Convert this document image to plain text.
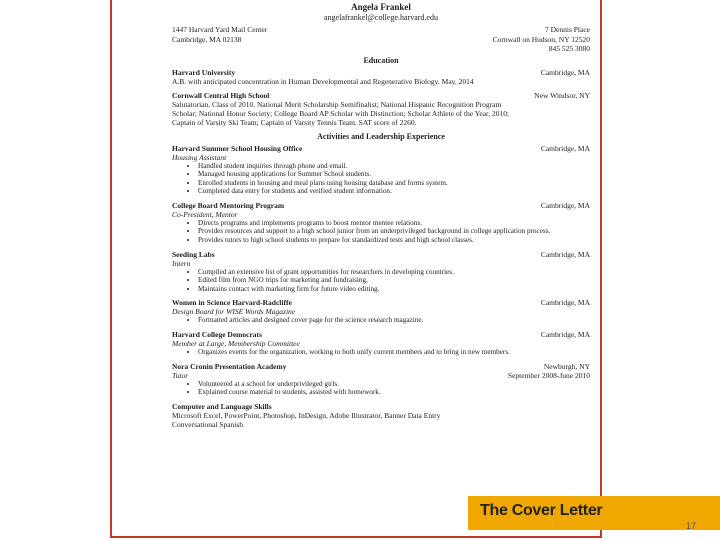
Angela Frankel
angelafrankel@college.harvard.edu
1447 Harvard Yard Mail Center
Cambridge, MA 02138
7 Dennis Place
Cornwall on Hudson, NY 12520
845 525 3080
Education
Harvard University	Cambridge, MA
A.B. with anticipated concentration in Human Developmental and Regenerative Biology. May, 2014
Cornwall Central High School	New Windsor, NY
Salutatorian, Class of 2010. National Merit Scholarship Semifinalist; National Hispanic Recognition Program
Scholar; National Honor Society; College Board AP Scholar with Distinction; Scholar Athlete of the Year, 2010;
Captain of Varsity Ski Team; Captain of Varsity Tennis Team. SAT score of 2260.
Activities and Leadership Experience
Harvard Summer School Housing Office	Cambridge, MA
Housing Assistant
• Handled student inquiries through phone and email.
• Managed housing applications for Summer School students.
• Enrolled students in housing and meal plans using housing database and forms system.
• Completed data entry for students and verified student information.
College Board Mentoring Program	Cambridge, MA
Co-President, Mentor
• Directs programs and implements programs to boost mentor mentee relations.
• Provides resources and support to a high school junior from an underprivileged background in college application process.
• Provides tutors to high school students to prepare for standardized tests and high school classes.
Seeding Labs	Cambridge, MA
Intern
• Compiled an extensive list of grant opportunities for researchers in developing countries.
• Edited film from NGO trips for marketing and fundraising.
• Maintains contact with marketing firm for future video editing.
Women in Science Harvard-Radcliffe	Cambridge, MA
Design Board for WISE Words Magazine
• Formatted articles and designed cover page for the science research magazine.
Harvard College Democrats	Cambridge, MA
Member at Large, Membership Committee
• Organizes events for the organization, working to both unify current members and to bring in new members.
Nora Cronin Presentation Academy	Newburgh, NY
Tutor	September 2008-June 2010
• Volunteered at a school for underprivileged girls.
• Explained course material to students, assisted with homework.
Computer and Language Skills
Microsoft Excel, PowerPoint, Photoshop, InDesign, Adobe Illustrator, Banner Data Entry
Conversational Spanish
The Cover Letter
17
